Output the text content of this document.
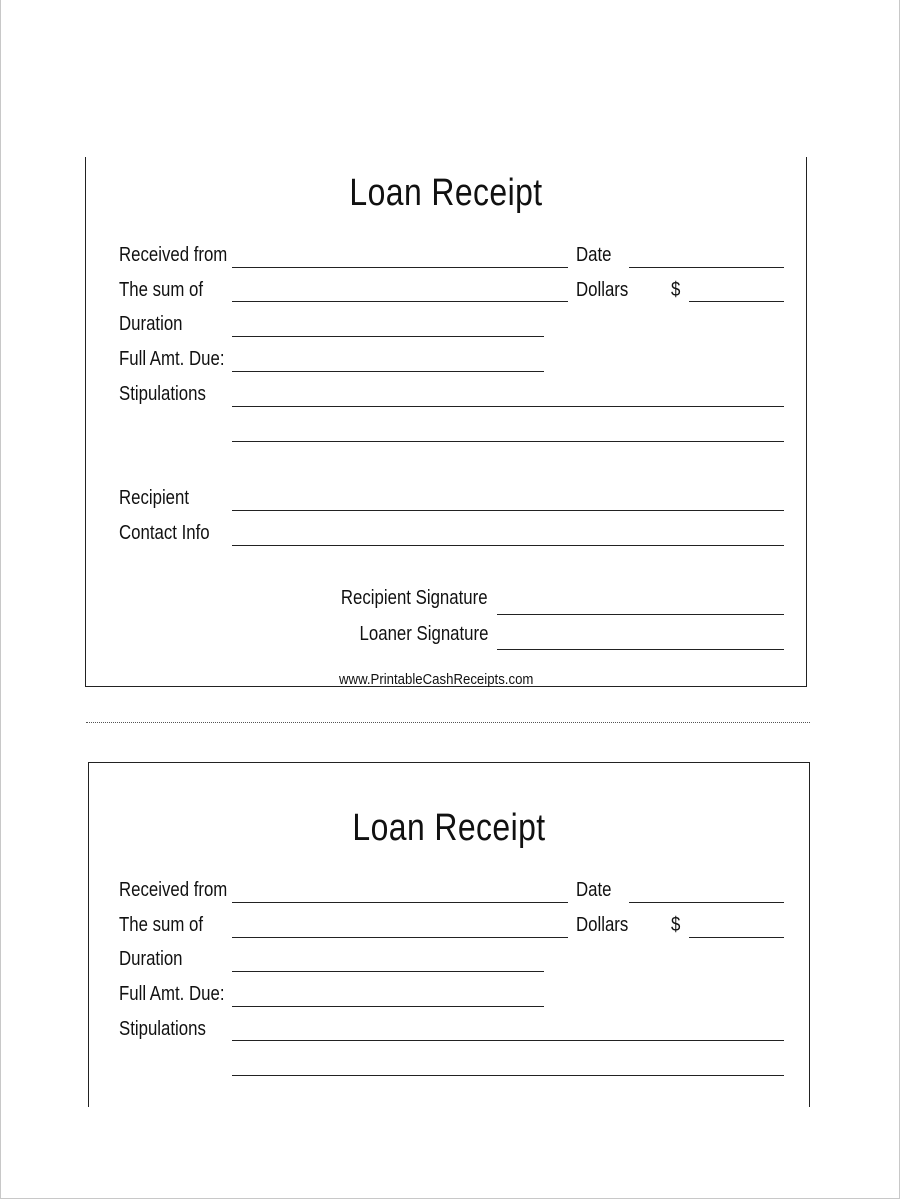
Loan Receipt
Received from	Date
The sum of	Dollars $
Duration
Full Amt. Due:
Stipulations
Recipient
Contact Info
Recipient Signature
Loaner Signature
www.PrintableCashReceipts.com
Loan Receipt
Received from	Date
The sum of	Dollars $
Duration
Full Amt. Due:
Stipulations
